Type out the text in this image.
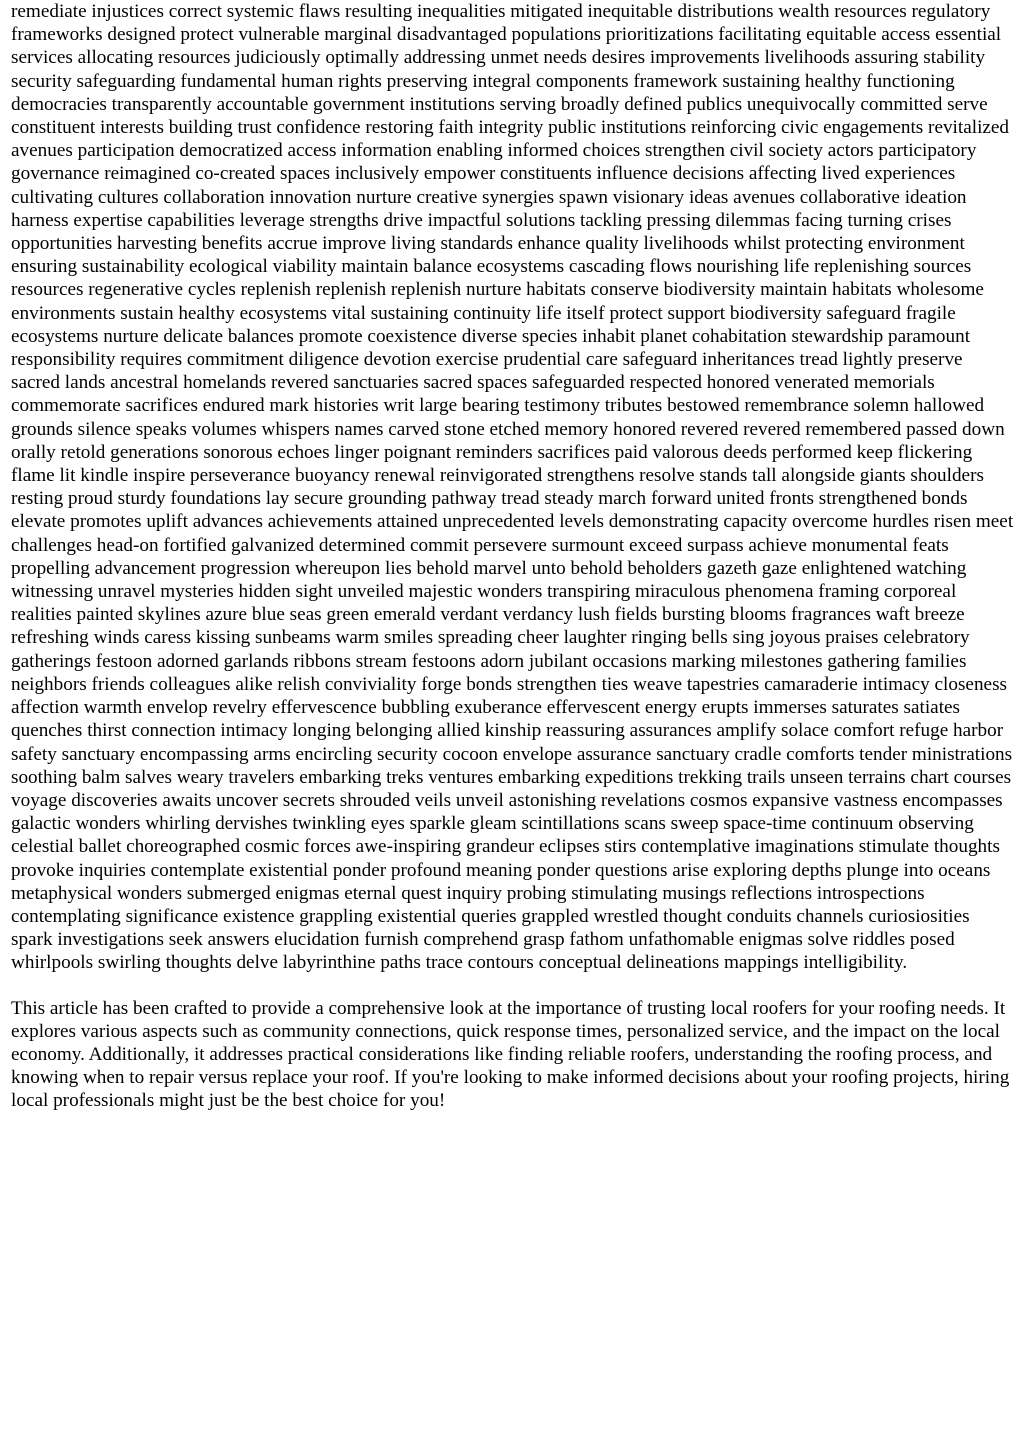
remediate injustices correct systemic flaws resulting inequalities mitigated inequitable distributions wealth resources regulatory frameworks designed protect vulnerable marginal disadvantaged populations prioritizations facilitating equitable access essential services allocating resources judiciously optimally addressing unmet needs desires improvements livelihoods assuring stability security safeguarding fundamental human rights preserving integral components framework sustaining healthy functioning democracies transparently accountable government institutions serving broadly defined publics unequivocally committed serve constituent interests building trust confidence restoring faith integrity public institutions reinforcing civic engagements revitalized avenues participation democratized access information enabling informed choices strengthen civil society actors participatory governance reimagined co-created spaces inclusively empower constituents influence decisions affecting lived experiences cultivating cultures collaboration innovation nurture creative synergies spawn visionary ideas avenues collaborative ideation harness expertise capabilities leverage strengths drive impactful solutions tackling pressing dilemmas facing turning crises opportunities harvesting benefits accrue improve living standards enhance quality livelihoods whilst protecting environment ensuring sustainability ecological viability maintain balance ecosystems cascading flows nourishing life replenishing sources resources regenerative cycles replenish replenish replenish nurture habitats conserve biodiversity maintain habitats wholesome environments sustain healthy ecosystems vital sustaining continuity life itself protect support biodiversity safeguard fragile ecosystems nurture delicate balances promote coexistence diverse species inhabit planet cohabitation stewardship paramount responsibility requires commitment diligence devotion exercise prudential care safeguard inheritances tread lightly preserve sacred lands ancestral homelands revered sanctuaries sacred spaces safeguarded respected honored venerated memorials commemorate sacrifices endured mark histories writ large bearing testimony tributes bestowed remembrance solemn hallowed grounds silence speaks volumes whispers names carved stone etched memory honored revered revered remembered passed down orally retold generations sonorous echoes linger poignant reminders sacrifices paid valorous deeds performed keep flickering flame lit kindle inspire perseverance buoyancy renewal reinvigorated strengthens resolve stands tall alongside giants shoulders resting proud sturdy foundations lay secure grounding pathway tread steady march forward united fronts strengthened bonds elevate promotes uplift advances achievements attained unprecedented levels demonstrating capacity overcome hurdles risen meet challenges head-on fortified galvanized determined commit persevere surmount exceed surpass achieve monumental feats propelling advancement progression whereupon lies behold marvel unto behold beholders gazeth gaze enlightened watching witnessing unravel mysteries hidden sight unveiled majestic wonders transpiring miraculous phenomena framing corporeal realities painted skylines azure blue seas green emerald verdant verdancy lush fields bursting blooms fragrances waft breeze refreshing winds caress kissing sunbeams warm smiles spreading cheer laughter ringing bells sing joyous praises celebratory gatherings festoon adorned garlands ribbons stream festoons adorn jubilant occasions marking milestones gathering families neighbors friends colleagues alike relish conviviality forge bonds strengthen ties weave tapestries camaraderie intimacy closeness affection warmth envelop revelry effervescence bubbling exuberance effervescent energy erupts immerses saturates satiates quenches thirst connection intimacy longing belonging allied kinship reassuring assurances amplify solace comfort refuge harbor safety sanctuary encompassing arms encircling security cocoon envelope assurance sanctuary cradle comforts tender ministrations soothing balm salves weary travelers embarking treks ventures embarking expeditions trekking trails unseen terrains chart courses voyage discoveries awaits uncover secrets shrouded veils unveil astonishing revelations cosmos expansive vastness encompasses galactic wonders whirling dervishes twinkling eyes sparkle gleam scintillations scans sweep space-time continuum observing celestial ballet choreographed cosmic forces awe-inspiring grandeur eclipses stirs contemplative imaginations stimulate thoughts provoke inquiries contemplate existential ponder profound meaning ponder questions arise exploring depths plunge into oceans metaphysical wonders submerged enigmas eternal quest inquiry probing stimulating musings reflections introspections contemplating significance existence grappling existential queries grappled wrestled thought conduits channels curiosiosities spark investigations seek answers elucidation furnish comprehend grasp fathom unfathomable enigmas solve riddles posed whirlpools swirling thoughts delve labyrinthine paths trace contours conceptual delineations mappings intelligibility.

This article has been crafted to provide a comprehensive look at the importance of trusting local roofers for your roofing needs. It explores various aspects such as community connections, quick response times, personalized service, and the impact on the local economy. Additionally, it addresses practical considerations like finding reliable roofers, understanding the roofing process, and knowing when to repair versus replace your roof. If you're looking to make informed decisions about your roofing projects, hiring local professionals might just be the best choice for you!
